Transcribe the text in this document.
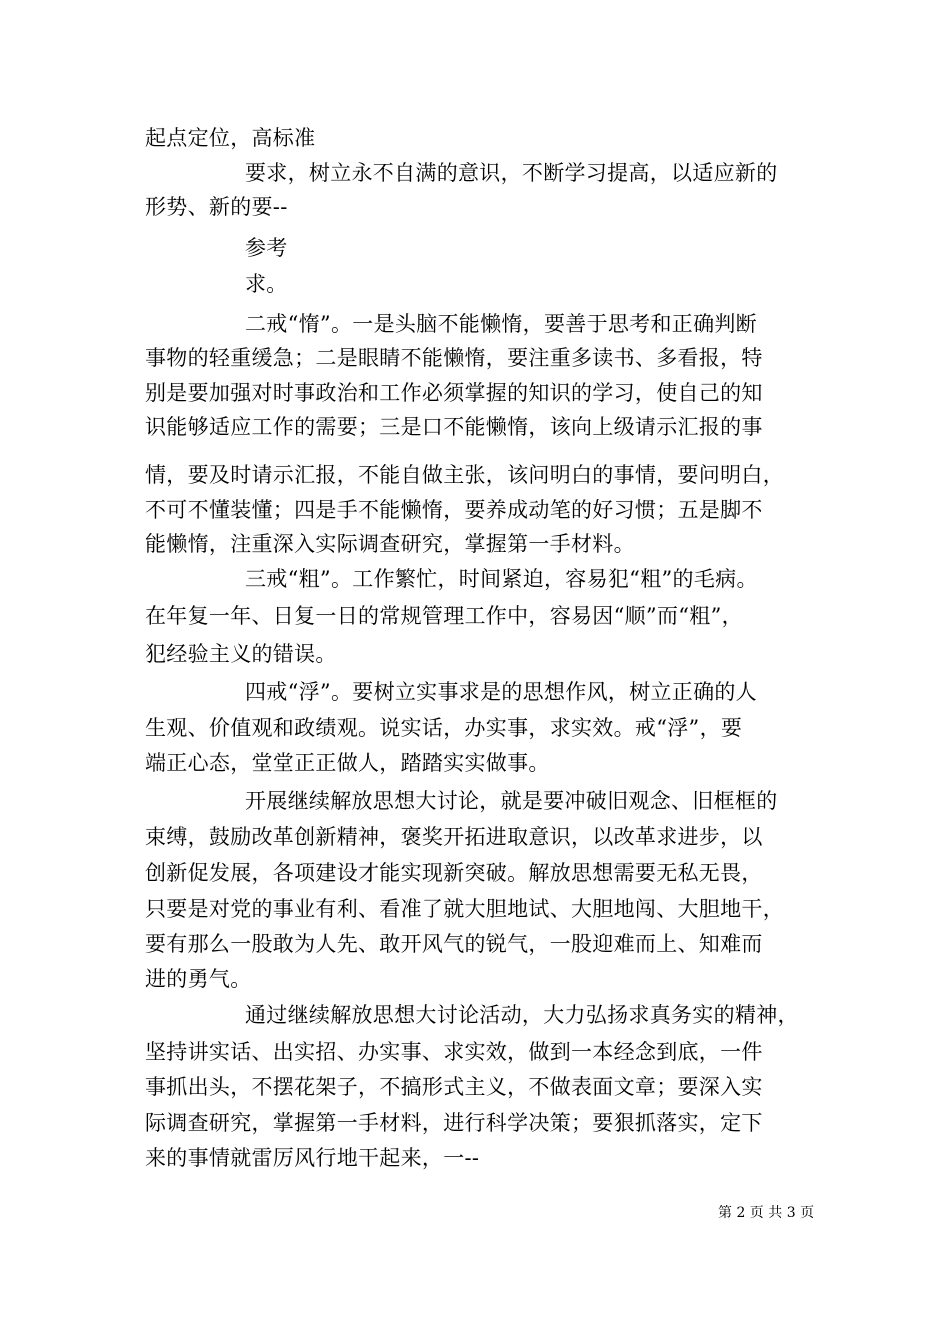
起点定位，高标准
要求，树立永不自满的意识，不断学习提高，以适应新的
形势、新的要--
参考
求。
二戒“惰”。一是头脑不能懒惰，要善于思考和正确判断
事物的轻重缓急；二是眼睛不能懒惰，要注重多读书、多看报，特
别是要加强对时事政治和工作必须掌握的知识的学习，使自己的知
识能够适应工作的需要；三是口不能懒惰，该向上级请示汇报的事
情，要及时请示汇报，不能自做主张，该问明白的事情，要问明白，
不可不懂装懂；四是手不能懒惰，要养成动笔的好习惯；五是脚不
能懒惰，注重深入实际调查研究，掌握第一手材料。
三戒“粗”。工作繁忙，时间紧迫，容易犯“粗”的毛病。
在年复一年、日复一日的常规管理工作中，容易因“顺”而“粗”，
犯经验主义的错误。
四戒“浮”。要树立实事求是的思想作风，树立正确的人
生观、价值观和政绩观。说实话，办实事，求实效。戒“浮”，要
端正心态，堂堂正正做人，踏踏实实做事。
开展继续解放思想大讨论，就是要冲破旧观念、旧框框的
束缚，鼓励改革创新精神，褒奖开拓进取意识，以改革求进步，以
创新促发展，各项建设才能实现新突破。解放思想需要无私无畏，
只要是对党的事业有利、看准了就大胆地试、大胆地闯、大胆地干，
要有那么一股敢为人先、敢开风气的锐气，一股迎难而上、知难而
进的勇气。
通过继续解放思想大讨论活动，大力弘扬求真务实的精神，
坚持讲实话、出实招、办实事、求实效，做到一本经念到底，一件
事抓出头，不摆花架子，不搞形式主义，不做表面文章；要深入实
际调查研究，掌握第一手材料，进行科学决策；要狠抓落实，定下
来的事情就雷厉风行地干起来，一--
第 2 页 共 3 页
